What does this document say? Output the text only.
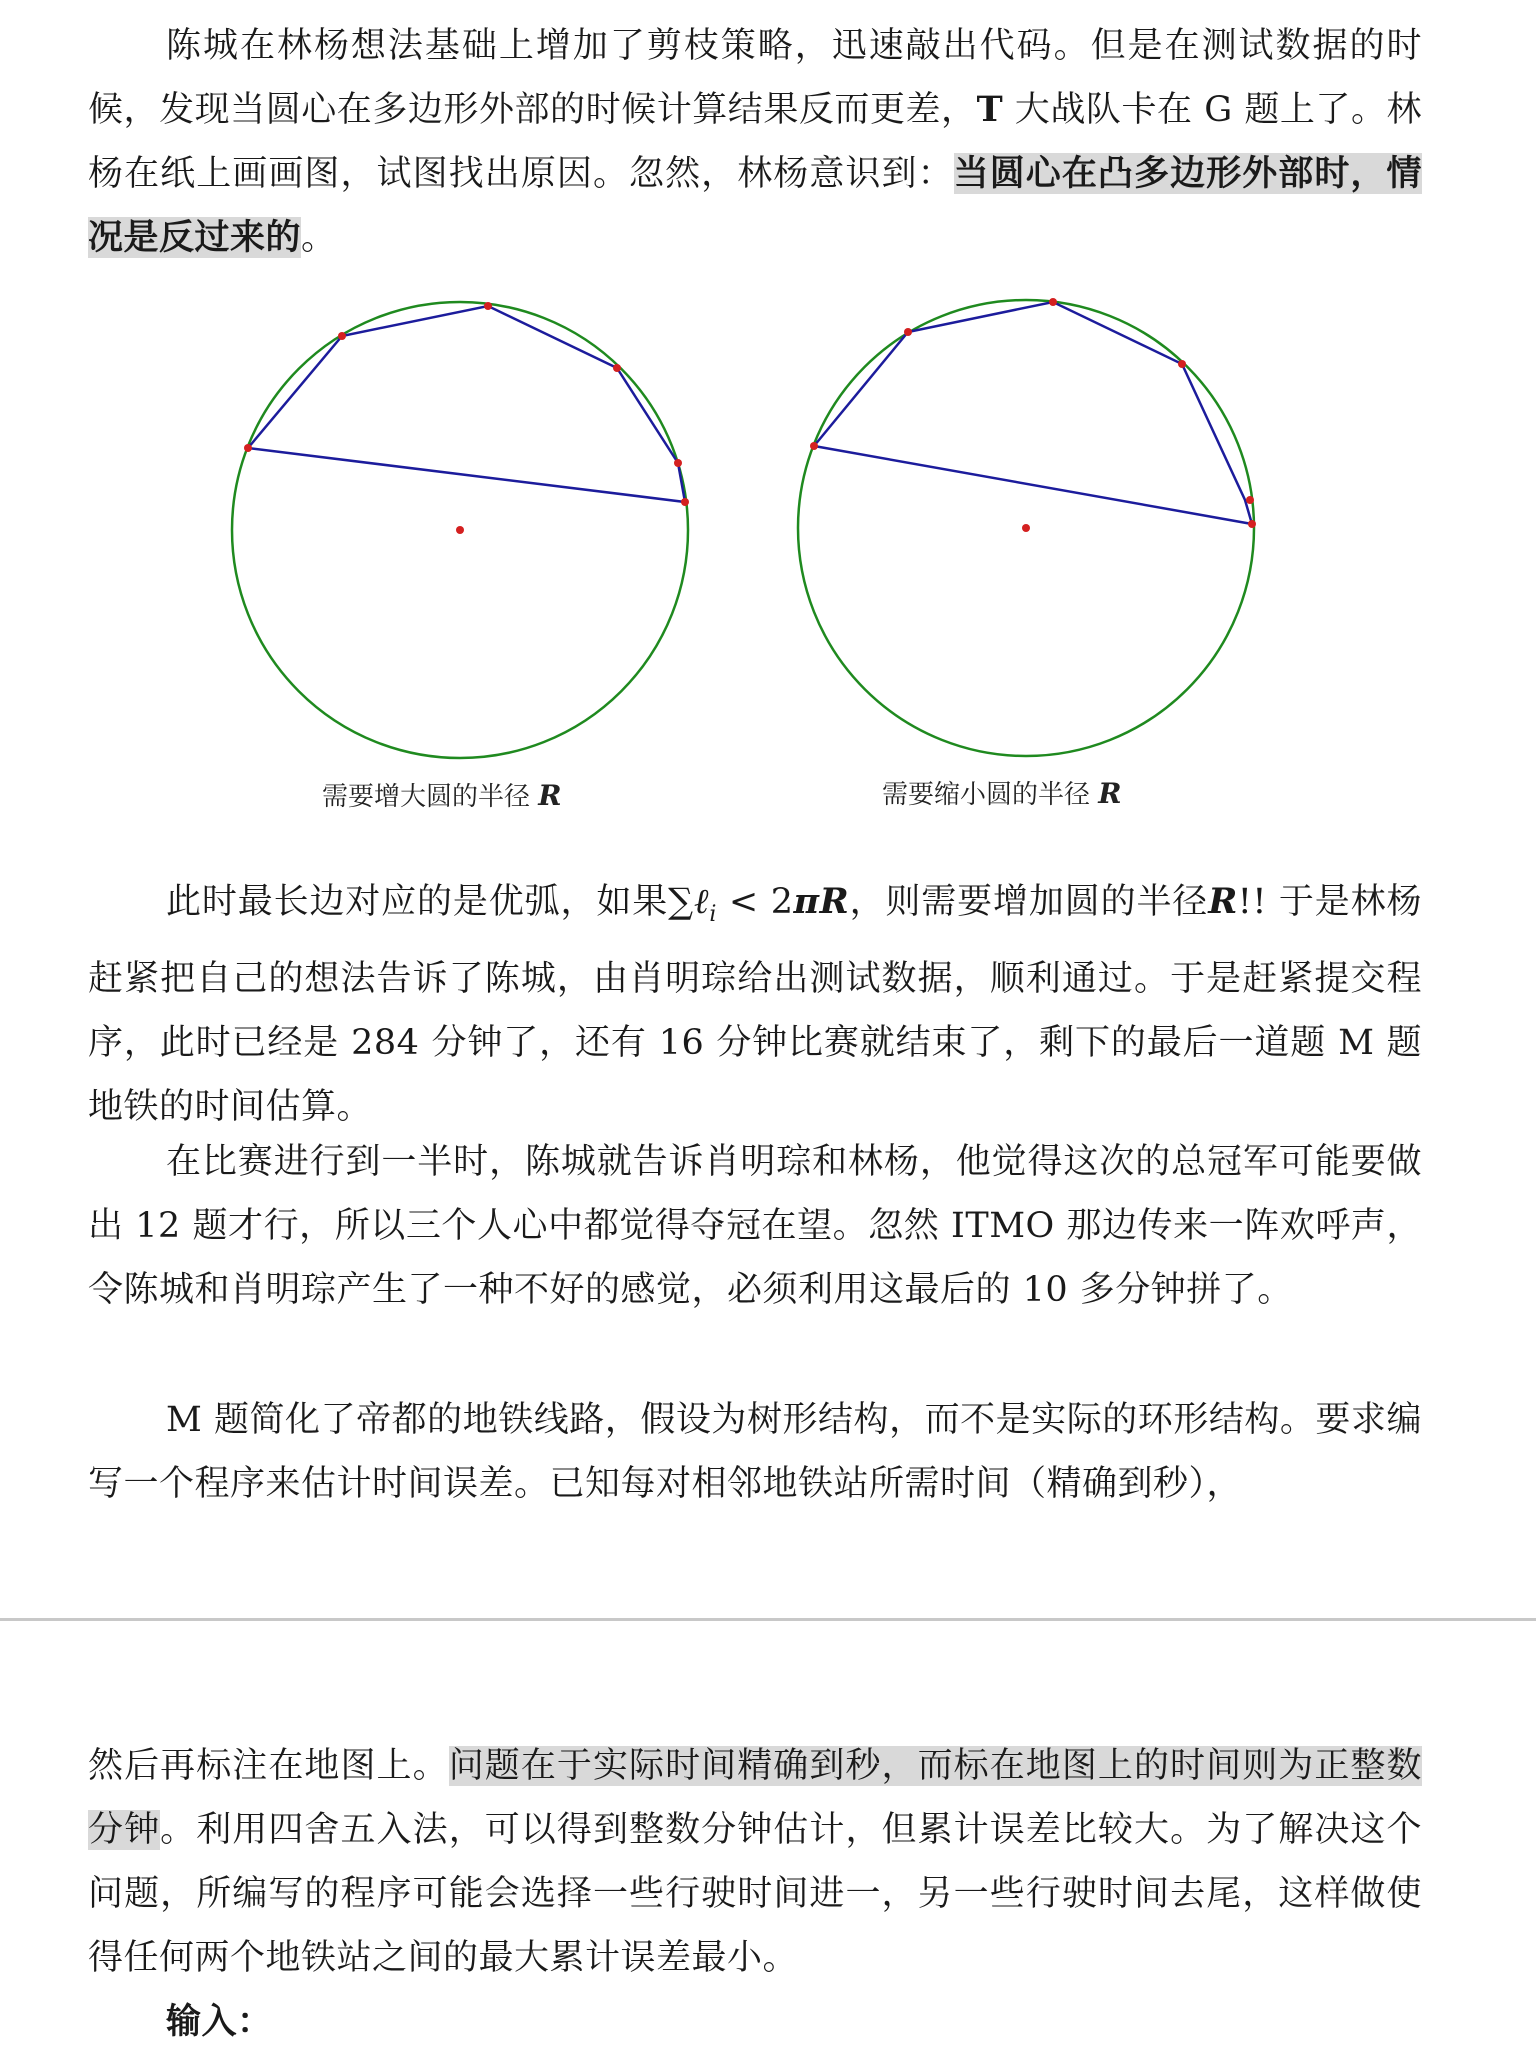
陈城在林杨想法基础上增加了剪枝策略，迅速敲出代码。但是在测试数据的时候，发现当圆心在多边形外部的时候计算结果反而更差，T 大战队卡在 G 题上了。林杨在纸上画画图，试图找出原因。忽然，林杨意识到：当圆心在凸多边形外部时，情况是反过来的。

需要增大圆的半径 R	需要缩小圆的半径 R

此时最长边对应的是优弧，如果∑ℓ$_i$ < 2πR，则需要增加圆的半径R!! 于是林杨赶紧把自己的想法告诉了陈城，由肖明琮给出测试数据，顺利通过。于是赶紧提交程序，此时已经是 284 分钟了，还有 16 分钟比赛就结束了，剩下的最后一道题 M 题地铁的时间估算。

在比赛进行到一半时，陈城就告诉肖明琮和林杨，他觉得这次的总冠军可能要做出 12 题才行，所以三个人心中都觉得夺冠在望。忽然 ITMO 那边传来一阵欢呼声，令陈城和肖明琮产生了一种不好的感觉，必须利用这最后的 10 多分钟拼了。

M 题简化了帝都的地铁线路，假设为树形结构，而不是实际的环形结构。要求编写一个程序来估计时间误差。已知每对相邻地铁站所需时间（精确到秒），

然后再标注在地图上。问题在于实际时间精确到秒，而标在地图上的时间则为正整数分钟。利用四舍五入法，可以得到整数分钟估计，但累计误差比较大。为了解决这个问题，所编写的程序可能会选择一些行驶时间进一，另一些行驶时间去尾，这样做使得任何两个地铁站之间的最大累计误差最小。

输入：
